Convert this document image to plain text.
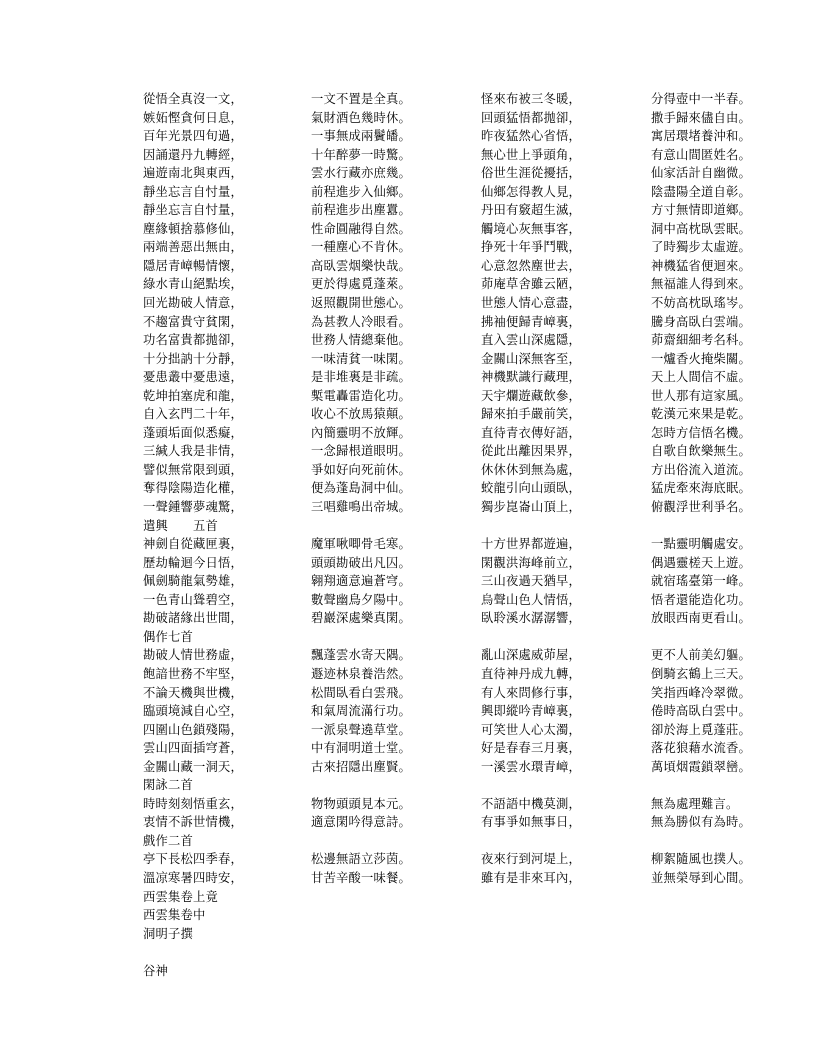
從悟全真沒一文，	一文不置是全真。	怪來布被三冬暖，	分得壺中一半春。
嫉妬慳貪何日息，	氣財酒色幾時休。	回頭猛悟都拋卻，	撒手歸來儘自由。
百年光景四旬過，	一事無成兩鬢皤。	昨夜猛然心省悟，	寓居環堵養沖和。
因誦還丹九轉經，	十年醉夢一時驚。	無心世上爭頭角，	有意山間匿姓名。
遍遊南北與東西，	雲水行藏亦庶幾。	俗世生涯從擾括，	仙家活計自幽微。
靜坐忘言自忖量，	前程進步入仙鄉。	仙鄉怎得教人見，	陰盡陽全道自彰。
靜坐忘言自忖量，	前程進步出塵囂。	丹田有竅超生滅，	方寸無情即道鄉。
塵緣頓捨慕修仙，	性命圓融得自然。	觸境心灰無事客，	洞中高枕臥雲眠。
兩端善惡出無由，	一種塵心不肯休。	挣死十年爭鬥戰，	了時獨步太虛遊。
隱居青嶂暢情懷，	高臥雲烟樂快哉。	心意忽然塵世去，	神機猛省便迴來。
綠水青山絕點埃，	更於得處覓蓬萊。	茆庵草舍雖云陋，	無福誰人得到來。
回光勘破人情意，	返照觀開世態心。	世態人情心意盡，	不妨高枕臥瑤岑。
不趨富貴守貧閑，	為甚教人冷眼看。	拂袖便歸青嶂裏，	騰身高臥白雲端。
功名富貴都拋卻，	世務人情總棄他。	直入雲山深處隱，	茆齋細細考名科。
十分拙訥十分靜，	一味清貧一味閑。	金關山深無客至，	一爐香火掩柴關。
憂患叢中憂患遠，	是非堆裏是非疏。	神機默識行藏理，	天上人間信不虛。
乾坤拍塞虎和龍，	槧電轟雷造化功。	天宇爛遊藏飲參，	世人那有這家風。
自入玄門二十年，	收心不放馬猿顛。	歸來拍手嚴前笑，	乾漢元來果是乾。
蓬頭垢面似悉癡，	內簡靈明不放輝。	直待青衣傳好語，	怎時方信悟名機。
三緘人我是非情，	一念歸根道眼明。	從此出離因果界，	自歌自飲樂無生。
譬似無常限到頭，	爭如好向死前休。	休休休到無為處，	方出俗流入道流。
奪得陰陽造化權，	便為蓬島洞中仙。	蛟龍引向山頭臥，	猛虎牽來海底眠。
一聲鍾響夢魂驚，	三唱雞鳴出帝城。	獨步崑崙山頂上，	俯觀浮世利爭名。
遣興　　五首
神劍自從藏匣裏，	魔軍啾唧骨毛寒。	十方世界都遊遍，	一點靈明觸處安。
歷劫輪迴今日悟，	頭頭勘破出凡囚。	閑觀洪海峰前立，	偶遇靈槎天上遊。
佩劍騎龍氣勢雄，	翱翔適意遍蒼穹。	三山夜過天猶早，	就宿瑤臺第一峰。
一色青山聳碧空，	數聲幽鳥夕陽中。	烏聲山色人情悟，	悟者還能造化功。
勘破諸緣出世間，	碧巖深處樂真閑。	臥聆溪水潺潺響，	放眼西南更看山。
偶作七首
勘破人情世務虛，	飄蓬雲水寄天隅。	亂山深處威茆屋，	更不人前美幻軀。
飽諳世務不牢堅，	遯迹林泉養浩然。	直待神丹成九轉，	倒騎玄鶴上三天。
不論天機與世機，	松間臥看白雲飛。	有人來問修行事，	笑指西峰冷翠微。
臨頭境減自心空，	和氣周流滿行功。	興即縱吟青嶂裏，	倦時高臥白雲中。
四圍山色鎖殘陽，	一派泉聲遶草堂。	可笑世人心太濁，	卻於海上覓蓬莊。
雲山四面插穹蒼，	中有洞明道士堂。	好是春春三月裏，	落花狼藉水流香。
金關山藏一洞天，	古來招隱出塵賢。	一溪雲水環青嶂，	萬頃烟霞鎖翠巒。
閑詠二首
時時刻刻悟重玄，	物物頭頭見本元。	不語語中機莫測，	無為處理難言。
衷情不訴世情機，	適意閑吟得意詩。	有事爭如無事日，	無為勝似有為時。
戲作二首
亭下長松四季春，	松邊無語立莎茵。	夜來行到河堤上，	柳絮隨風也撲人。
溫凉寒暑四時安，	甘苦辛酸一味餐。	雖有是非來耳內，	並無榮辱到心間。
西雲集卷上竟
西雲集卷中
洞明子撰

谷神
